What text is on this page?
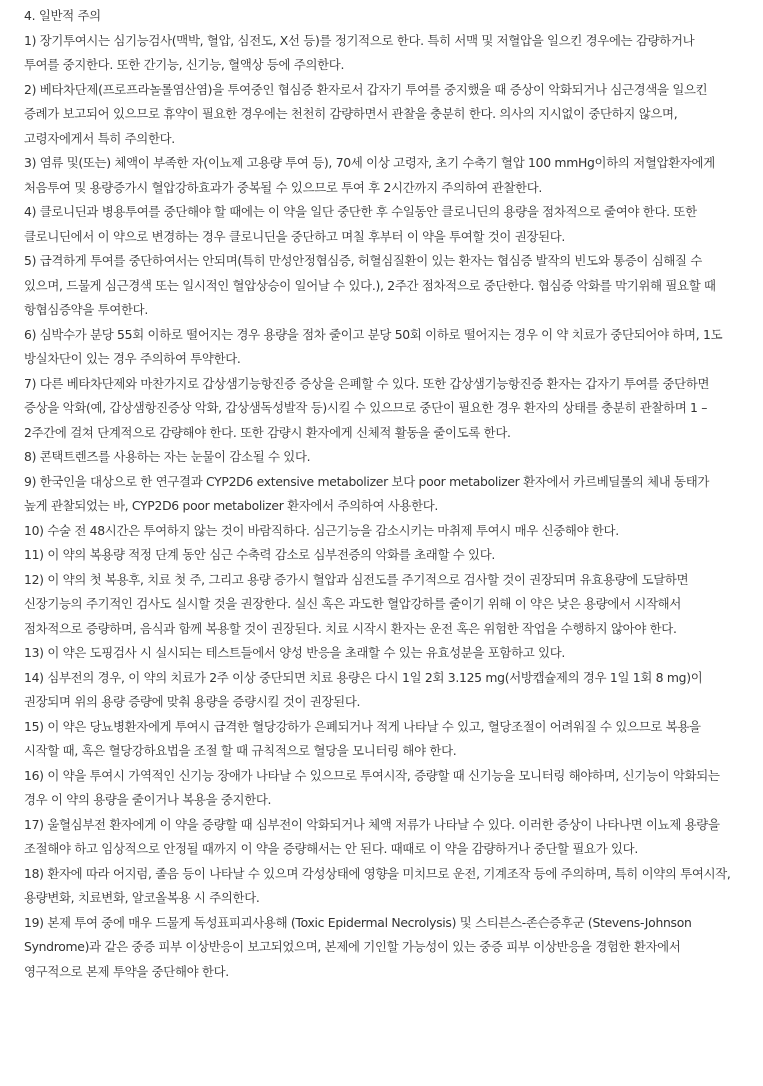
4. 일반적 주의

1) 장기투여시는 심기능검사(맥박, 혈압, 심전도, X선 등)를 정기적으로 한다. 특히 서맥 및 저혈압을 일으킨 경우에는 감량하거나 투여를 중지한다. 또한 간기능, 신기능, 혈액상 등에 주의한다.

2) 베타차단제(프로프라놀롤염산염)을 투여중인 협심증 환자로서 갑자기 투여를 중지했을 때 증상이 악화되거나 심근경색을 일으킨 증례가 보고되어 있으므로 휴약이 필요한 경우에는 천천히 감량하면서 관찰을 충분히 한다. 의사의 지시없이 중단하지 않으며, 고령자에게서 특히 주의한다.

3) 염류 및(또는) 체액이 부족한 자(이뇨제 고용량 투여 등), 70세 이상 고령자, 초기 수축기 혈압 100 mmHg이하의 저혈압환자에게 처음투여 및 용량증가시 혈압강하효과가 중복될 수 있으므로 투여 후 2시간까지 주의하여 관찰한다.

4) 클로니딘과 병용투여를 중단해야 할 때에는 이 약을 일단 중단한 후 수일동안 클로니딘의 용량을 점차적으로 줄여야 한다. 또한 클로니딘에서 이 약으로 변경하는 경우 클로니딘을 중단하고 며칠 후부터 이 약을 투여할 것이 권장된다.

5) 급격하게 투여를 중단하여서는 안되며(특히 만성안정협심증, 허혈심질환이 있는 환자는 협심증 발작의 빈도와 통증이 심해질 수 있으며, 드물게 심근경색 또는 일시적인 혈압상승이 일어날 수 있다.), 2주간 점차적으로 중단한다. 협심증 악화를 막기위해 필요할 때 항협심증약을 투여한다.

6) 심박수가 분당 55회 이하로 떨어지는 경우 용량을 점차 줄이고 분당 50회 이하로 떨어지는 경우 이 약 치료가 중단되어야 하며, 1도 방실차단이 있는 경우 주의하여 투약한다.

7) 다른 베타차단제와 마찬가지로 갑상샘기능항진증 증상을 은폐할 수 있다. 또한 갑상샘기능항진증 환자는 갑자기 투여를 중단하면 증상을 악화(예, 갑상샘항진증상 악화, 갑상샘독성발작 등)시킬 수 있으므로 중단이 필요한 경우 환자의 상태를 충분히 관찰하며 1 – 2주간에 걸쳐 단계적으로 감량해야 한다. 또한 감량시 환자에게 신체적 활동을 줄이도록 한다.

8) 콘택트렌즈를 사용하는 자는 눈물이 감소될 수 있다.

9) 한국인을 대상으로 한 연구결과 CYP2D6 extensive metabolizer 보다 poor metabolizer 환자에서 카르베딜롤의 체내 동태가 높게 관찰되었는 바, CYP2D6 poor metabolizer 환자에서 주의하여 사용한다.

10) 수술 전 48시간은 투여하지 않는 것이 바람직하다. 심근기능을 감소시키는 마취제 투여시 매우 신중해야 한다.

11) 이 약의 복용량 적정 단계 동안 심근 수축력 감소로 심부전증의 악화를 초래할 수 있다.

12) 이 약의 첫 복용후, 치료 첫 주, 그리고 용량 증가시 혈압과 심전도를 주기적으로 검사할 것이 권장되며 유효용량에 도달하면 신장기능의 주기적인 검사도 실시할 것을 권장한다. 실신 혹은 과도한 혈압강하를 줄이기 위해 이 약은 낮은 용량에서 시작해서 점차적으로 증량하며, 음식과 함께 복용할 것이 권장된다. 치료 시작시 환자는 운전 혹은 위험한 작업을 수행하지 않아야 한다.

13) 이 약은 도핑검사 시 실시되는 테스트들에서 양성 반응을 초래할 수 있는 유효성분을 포함하고 있다.

14) 심부전의 경우, 이 약의 치료가 2주 이상 중단되면 치료 용량은 다시 1일 2회 3.125 mg(서방캡슐제의 경우 1일 1회 8 mg)이 권장되며 위의 용량 증량에 맞춰 용량을 증량시킬 것이 권장된다.

15) 이 약은 당뇨병환자에게 투여시 급격한 혈당강하가 은폐되거나 적게 나타날 수 있고, 혈당조절이 어려워질 수 있으므로 복용을 시작할 때, 혹은 혈당강하요법을 조절 할 때 규칙적으로 혈당을 모니터링 해야 한다.

16) 이 약을 투여시 가역적인 신기능 장애가 나타날 수 있으므로 투여시작, 증량할 때 신기능을 모니터링 해야하며, 신기능이 악화되는 경우 이 약의 용량을 줄이거나 복용을 중지한다.

17) 울혈심부전 환자에게 이 약을 증량할 때 심부전이 악화되거나 체액 저류가 나타날 수 있다. 이러한 증상이 나타나면 이뇨제 용량을 조절해야 하고 임상적으로 안정될 때까지 이 약을 증량해서는 안 된다. 때때로 이 약을 감량하거나 중단할 필요가 있다.

18) 환자에 따라 어지럼, 졸음 등이 나타날 수 있으며 각성상태에 영향을 미치므로 운전, 기계조작 등에 주의하며, 특히 이약의 투여시작, 용량변화, 치료변화, 알코올복용 시 주의한다.

19) 본제 투여 중에 매우 드물게 독성표피괴사용해 (Toxic Epidermal Necrolysis) 및 스티븐스-존슨증후군 (Stevens-Johnson Syndrome)과 같은 중증 피부 이상반응이 보고되었으며, 본제에 기인할 가능성이 있는 중증 피부 이상반응을 경험한 환자에서 영구적으로 본제 투약을 중단해야 한다.
